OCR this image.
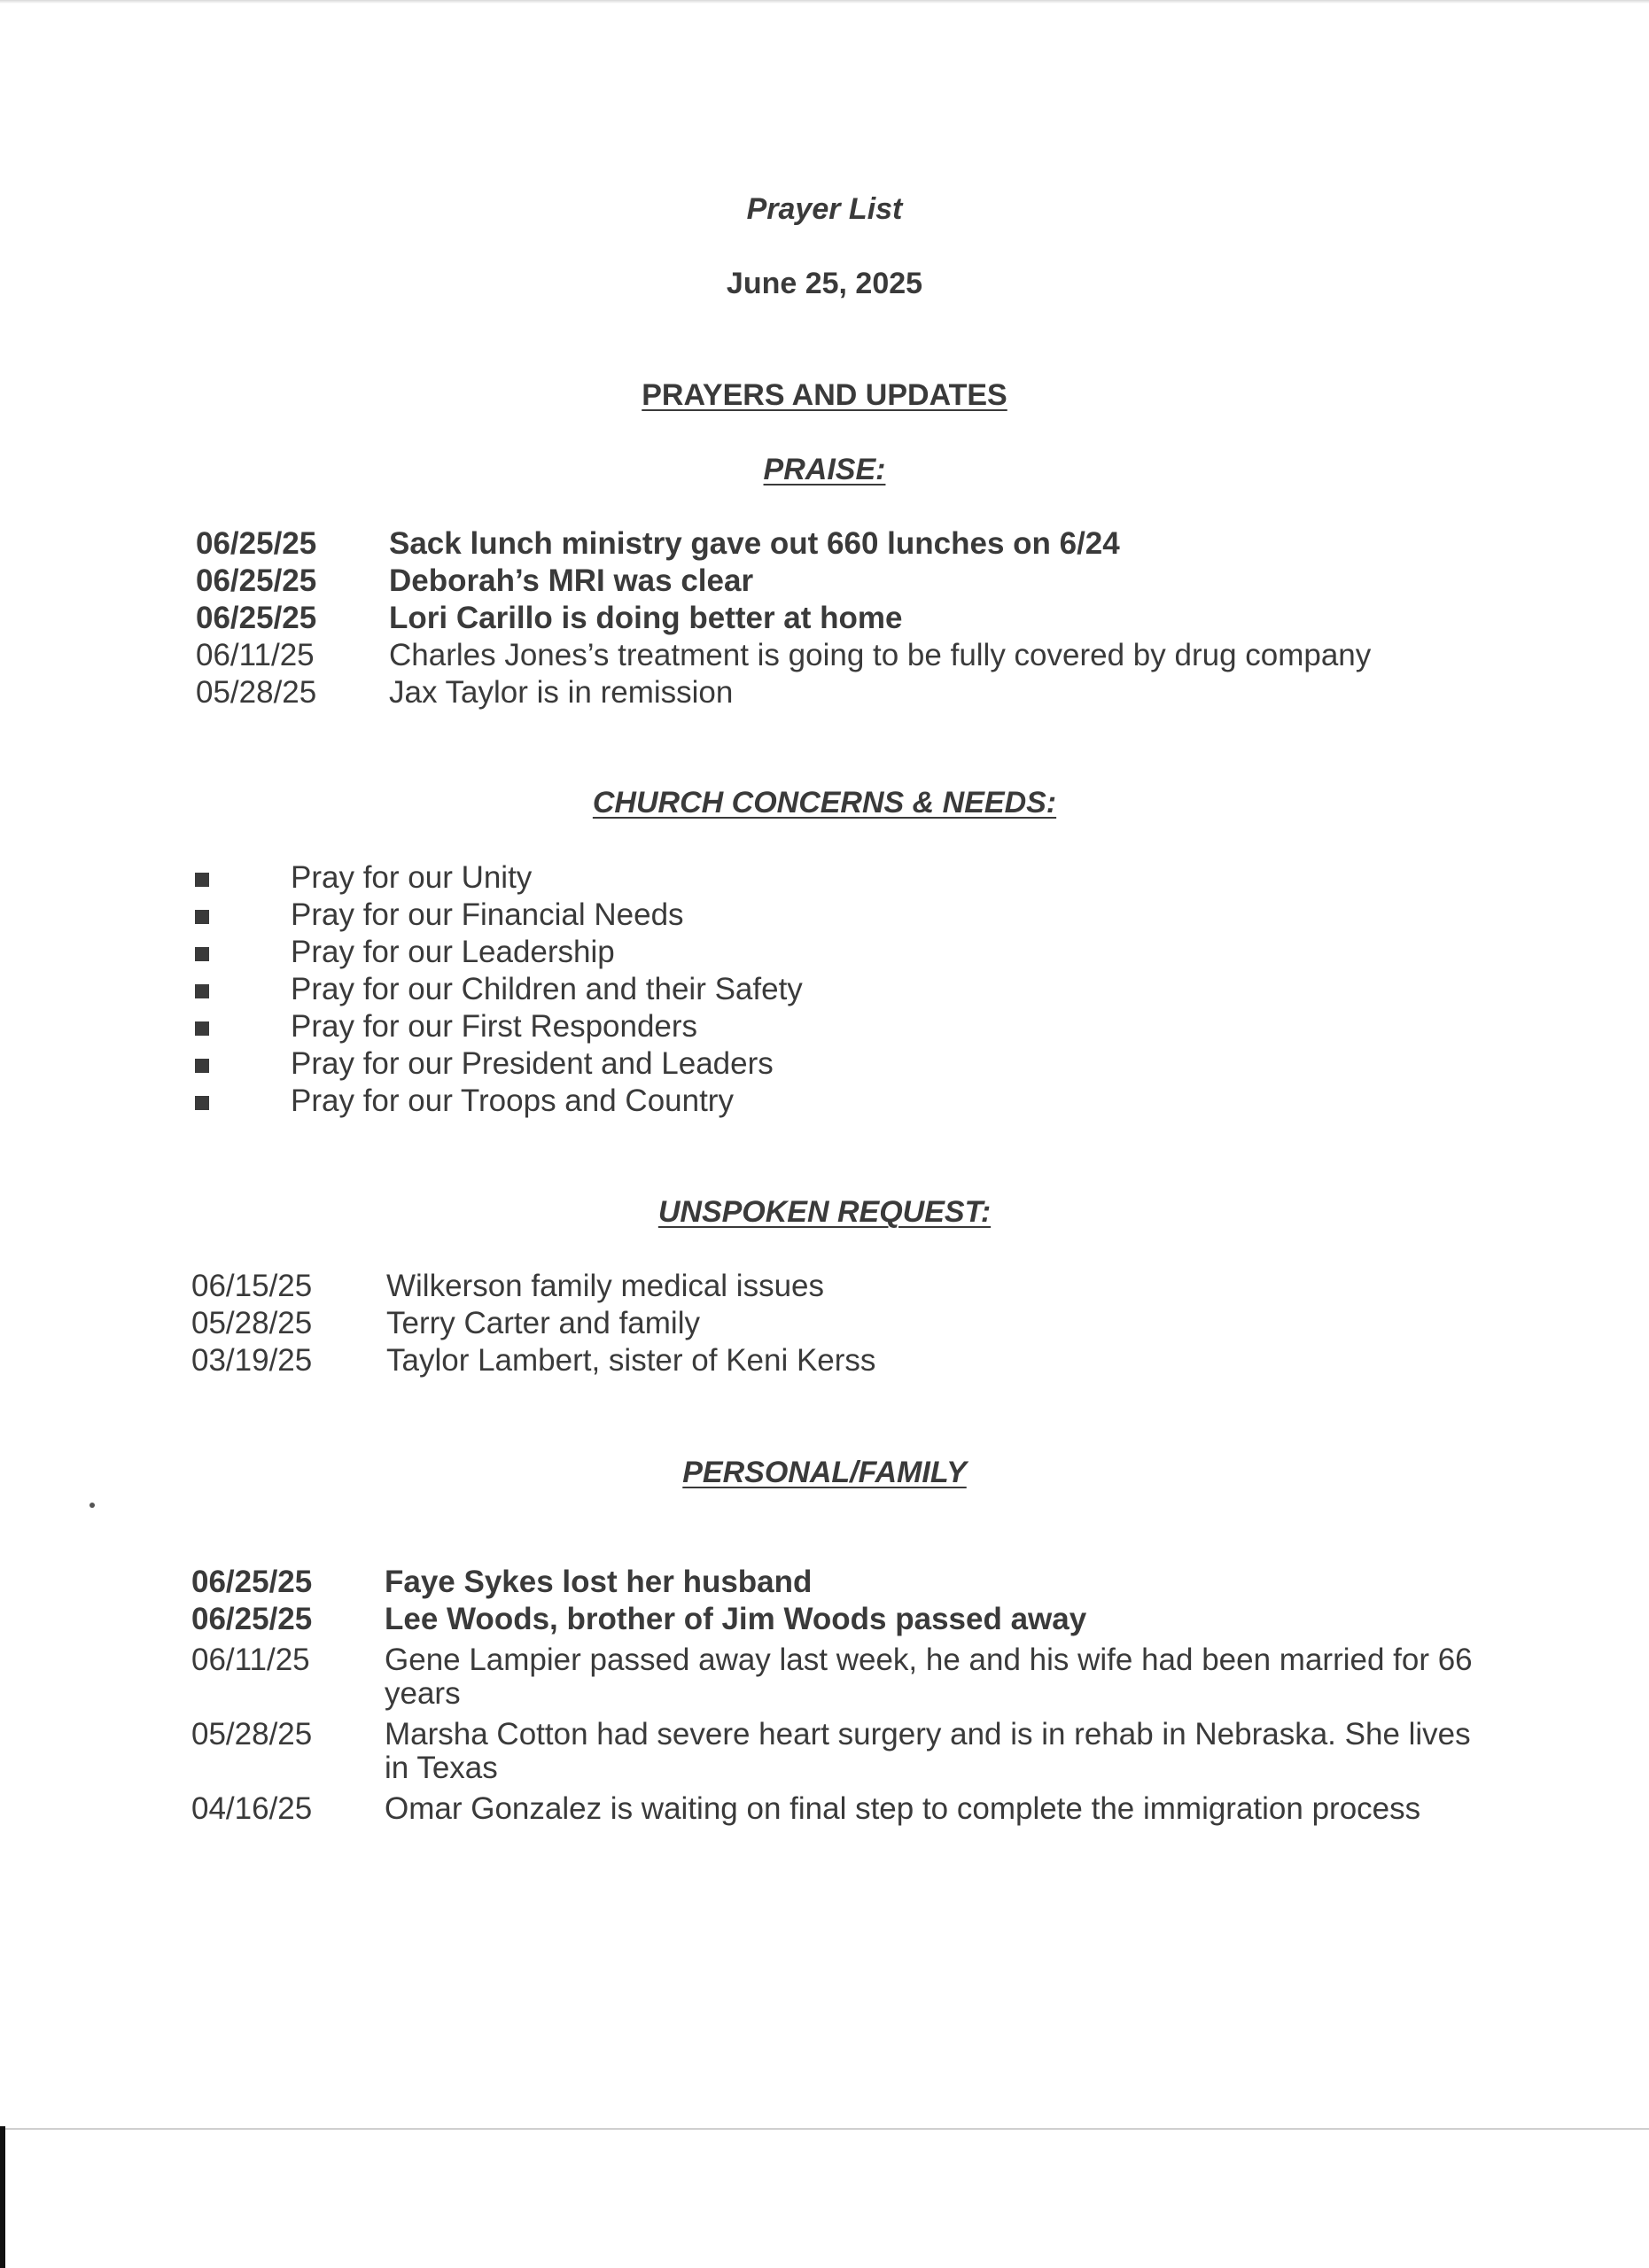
Prayer List
June 25, 2025
PRAYERS AND UPDATES
PRAISE:
06/25/25 Sack lunch ministry gave out 660 lunches on 6/24
06/25/25 Deborah’s MRI was clear
06/25/25 Lori Carillo is doing better at home
06/11/25 Charles Jones’s treatment is going to be fully covered by drug company
05/28/25 Jax Taylor is in remission
CHURCH CONCERNS & NEEDS:
Pray for our Unity
Pray for our Financial Needs
Pray for our Leadership
Pray for our Children and their Safety
Pray for our First Responders
Pray for our President and Leaders
Pray for our Troops and Country
UNSPOKEN REQUEST:
06/15/25 Wilkerson family medical issues
05/28/25 Terry Carter and family
03/19/25 Taylor Lambert, sister of Keni Kerss
PERSONAL/FAMILY
06/25/25 Faye Sykes lost her husband
06/25/25 Lee Woods, brother of Jim Woods passed away
06/11/25 Gene Lampier passed away last week, he and his wife had been married for 66 years
05/28/25 Marsha Cotton had severe heart surgery and is in rehab in Nebraska. She lives in Texas
04/16/25 Omar Gonzalez is waiting on final step to complete the immigration process
